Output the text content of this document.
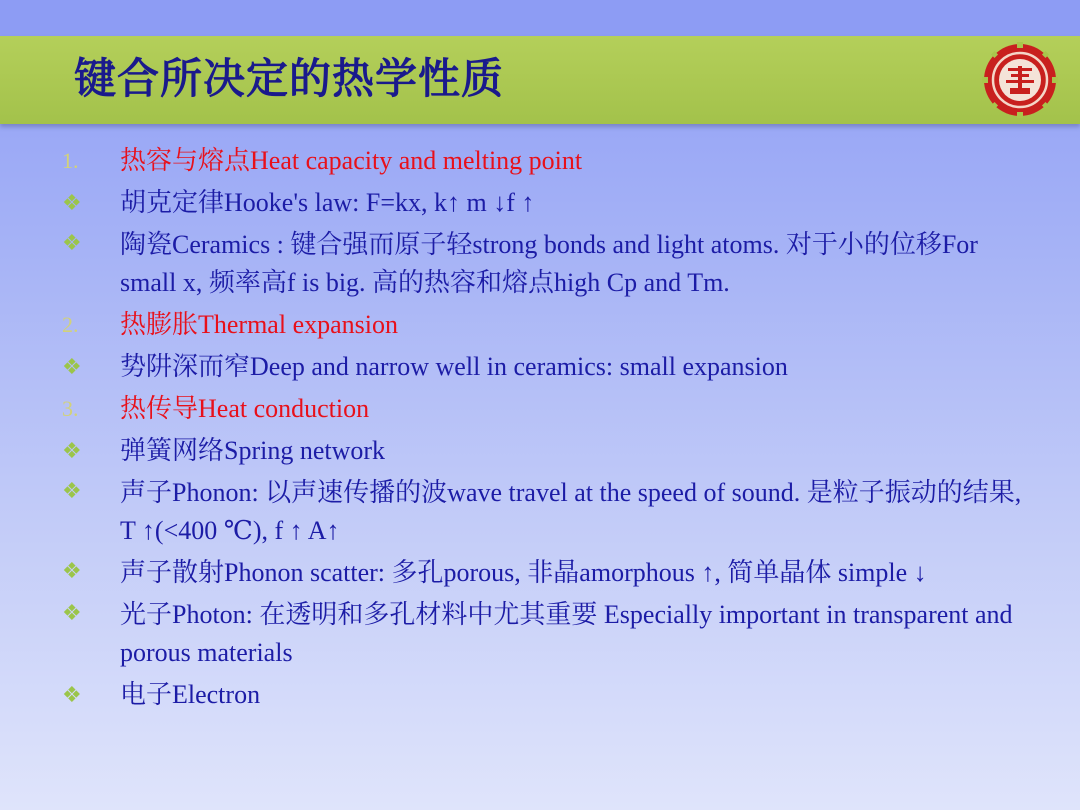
键合所决定的热学性质
1.	热容与熔点Heat capacity and melting point
❖	胡克定律Hooke's law: F=kx, k↑ m ↓f ↑
❖	陶瓷Ceramics : 键合强而原子轻strong bonds and light atoms. 对于小的位移For small x, 频率高f is big. 高的热容和熔点high Cp and Tm.
2.	热膨胀Thermal expansion
❖	势阱深而窄Deep and narrow well in ceramics: small expansion
3.	热传导Heat conduction
❖	弹簧网络Spring network
❖	声子Phonon: 以声速传播的波wave travel at the speed of sound. 是粒子振动的结果, T ↑(<400 ℃), f ↑ A↑
❖	声子散射Phonon scatter: 多孔porous, 非晶amorphous ↑, 简单晶体 simple ↓
❖	光子Photon: 在透明和多孔材料中尤其重要 Especially important in transparent and porous materials
❖	电子Electron
